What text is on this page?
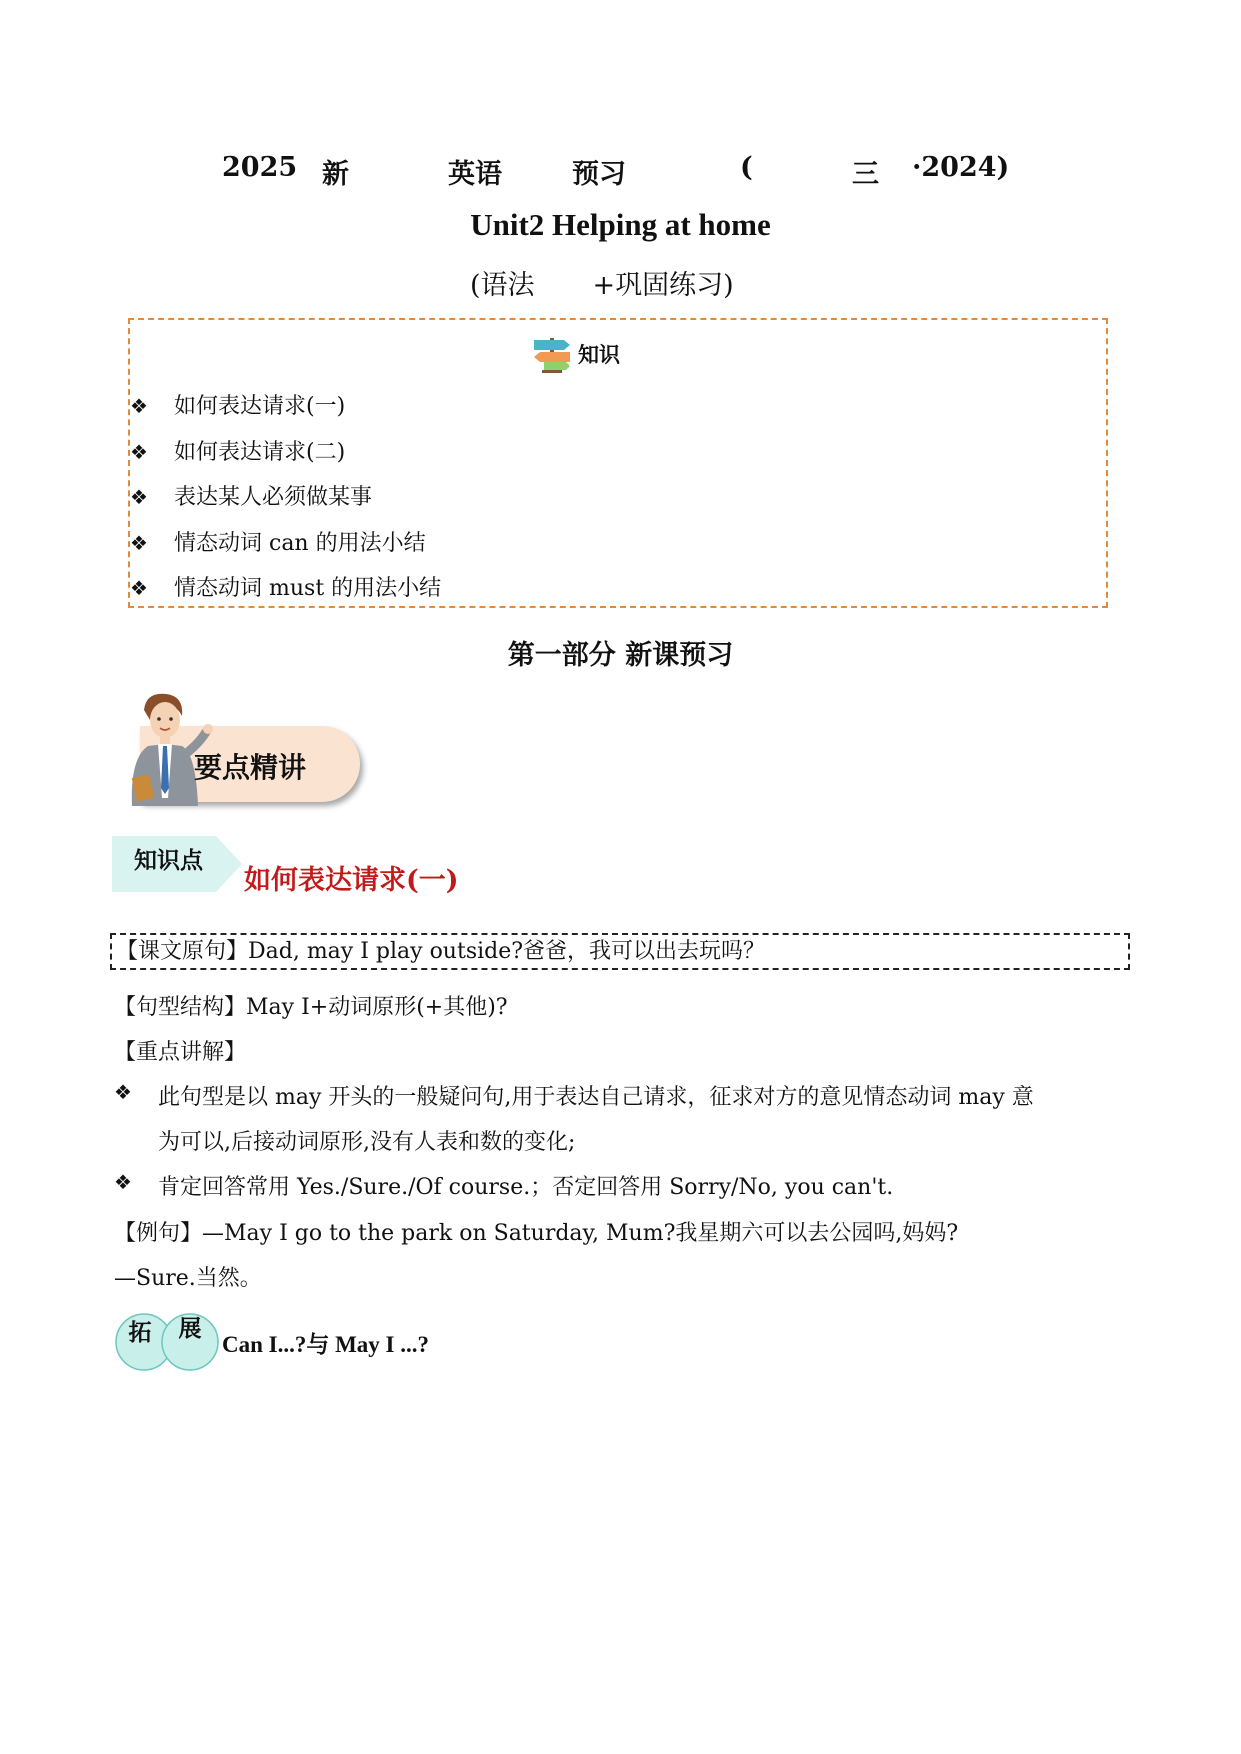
2025 新	英语	预习	(	三 ·2024)
Unit2 Helping at home
(语法 +巩固练习)
知识
❖ 如何表达请求(一)
❖ 如何表达请求(二)
❖ 表达某人必须做某事
❖ 情态动词 can 的用法小结
❖ 情态动词 must 的用法小结
第一部分 新课预习
要点精讲
知识点
如何表达请求(一)
【课文原句】Dad, may I play outside?爸爸，我可以出去玩吗？
【句型结构】May I+动词原形(+其他)?
【重点讲解】
❖ 此句型是以 may 开头的一般疑问句,用于表达自己请求，征求对方的意见情态动词 may 意
为可以,后接动词原形,没有人表和数的变化;
❖ 肯定回答常用 Yes./Sure./Of course.；否定回答用 Sorry/No, you can't.
【例句】—May I go to the park on Saturday, Mum?我星期六可以去公园吗,妈妈?
—Sure.当然。
拓 展
Can I...?与 May I ...?
